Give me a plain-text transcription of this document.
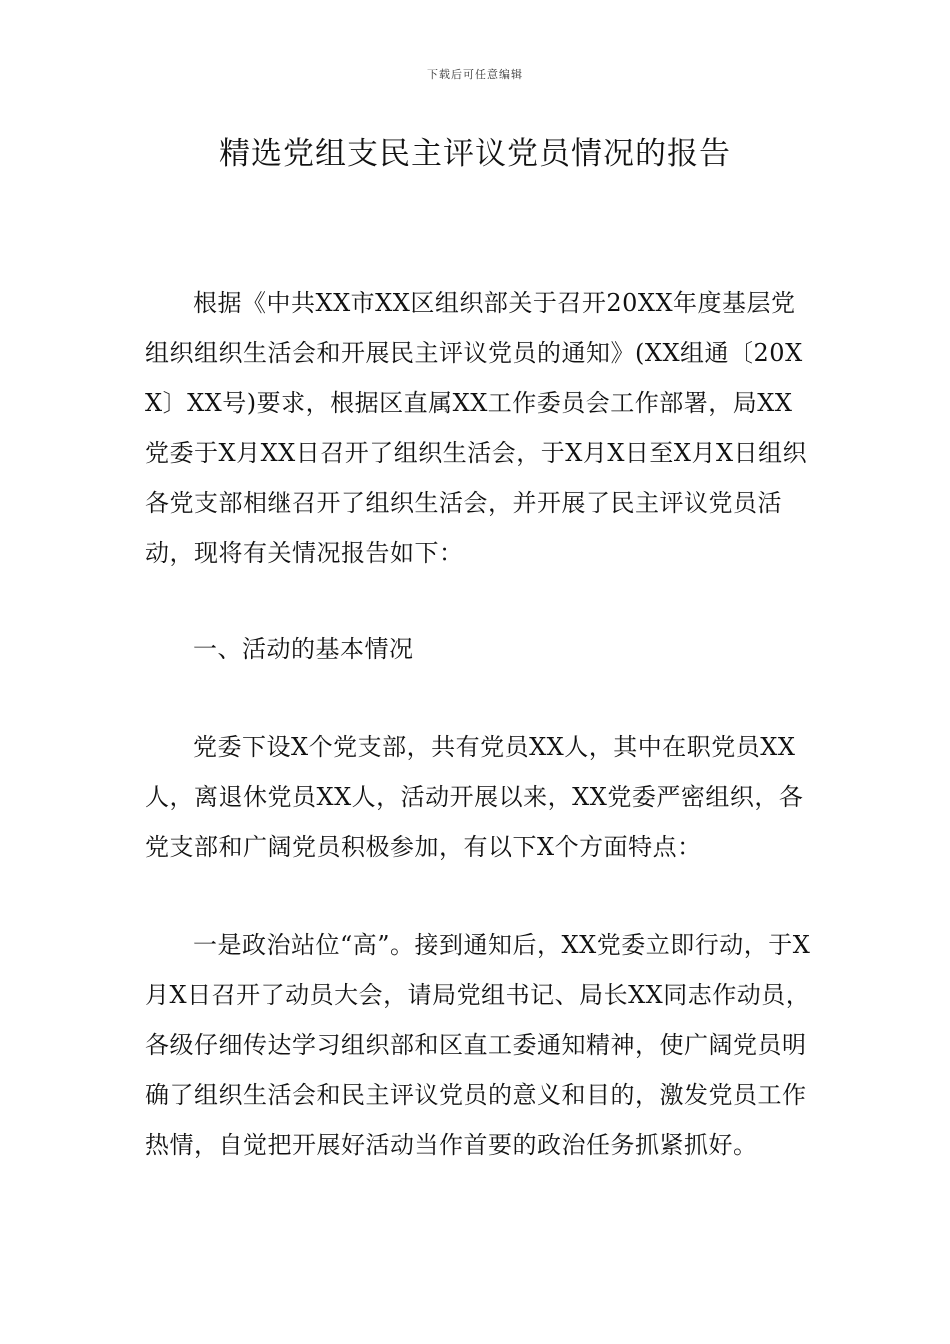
下载后可任意编辑
精选党组支民主评议党员情况的报告

根据《中共XX市XX区组织部关于召开20XX年度基层党组织组织生活会和开展民主评议党员的通知》(XX组通〔20XX〕XX号)要求，根据区直属XX工作委员会工作部署，局XX党委于X月XX日召开了组织生活会，于X月X日至X月X日组织各党支部相继召开了组织生活会，并开展了民主评议党员活动，现将有关情况报告如下：

一、活动的基本情况

党委下设X个党支部，共有党员XX人，其中在职党员XX人，离退休党员XX人，活动开展以来，XX党委严密组织，各党支部和广阔党员积极参加，有以下X个方面特点：

一是政治站位“高”。接到通知后，XX党委立即行动，于X月X日召开了动员大会，请局党组书记、局长XX同志作动员，各级仔细传达学习组织部和区直工委通知精神，使广阔党员明确了组织生活会和民主评议党员的意义和目的，激发党员工作热情，自觉把开展好活动当作首要的政治任务抓紧抓好。
